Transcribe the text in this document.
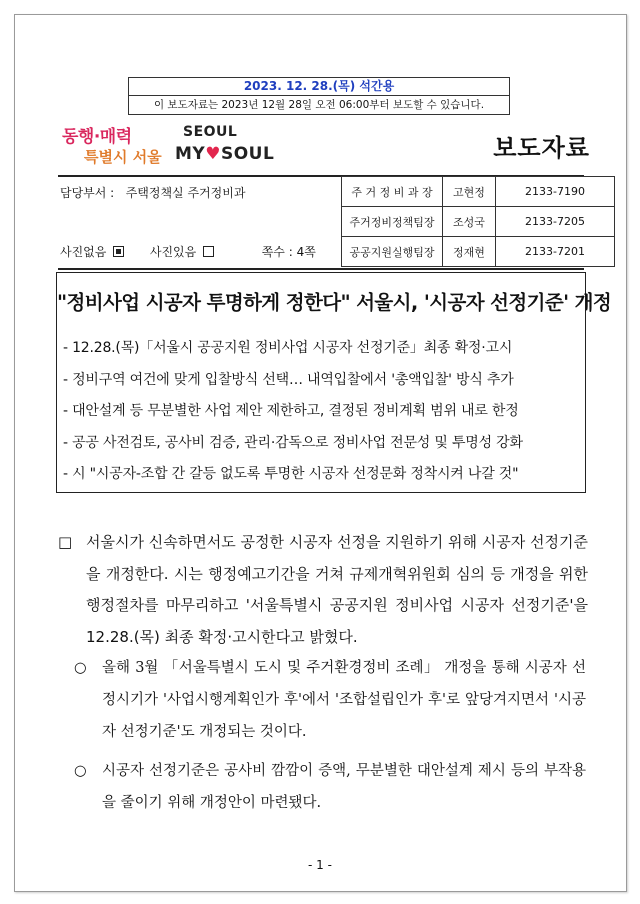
2023. 12. 28.(목) 석간용
이 보도자료는 2023년 12월 28일 오전 06:00부터 보도할 수 있습니다.
동행·매력
특별시 서울
SEOUL
MY♥SOUL	보도자료
담당부서 : 주택정책실 주거정비과
사진없음	사진있음	쪽수 : 4쪽
주 거 정 비 과 장	고현정	2133-7190
주거정비정책팀장	조성국	2133-7205
공공지원실행팀장	정재현	2133-7201
"정비사업 시공자 투명하게 정한다" 서울시, '시공자 선정기준' 개정
- 12.28.(목)「서울시 공공지원 정비사업 시공자 선정기준」최종 확정·고시
- 정비구역 여건에 맞게 입찰방식 선택… 내역입찰에서 '총액입찰' 방식 추가
- 대안설계 등 무분별한 사업 제안 제한하고, 결정된 정비계획 범위 내로 한정
- 공공 사전검토, 공사비 검증, 관리·감독으로 정비사업 전문성 및 투명성 강화
- 시 "시공자-조합 간 갈등 없도록 투명한 시공자 선정문화 정착시켜 나갈 것"
□ 서울시가 신속하면서도 공정한 시공자 선정을 지원하기 위해 시공자 선정기준을 개정한다. 시는 행정예고기간을 거쳐 규제개혁위원회 심의 등 개정을 위한 행정절차를 마무리하고 '서울특별시 공공지원 정비사업 시공자 선정기준'을 12.28.(목) 최종 확정·고시한다고 밝혔다.
○	올해 3월 「서울특별시 도시 및 주거환경정비 조례」 개정을 통해 시공자 선정시기가 '사업시행계획인가 후'에서 '조합설립인가 후'로 앞당겨지면서 '시공자 선정기준'도 개정되는 것이다.
○	시공자 선정기준은 공사비 깜깜이 증액, 무분별한 대안설계 제시 등의 부작용을 줄이기 위해 개정안이 마련됐다.
- 1 -
